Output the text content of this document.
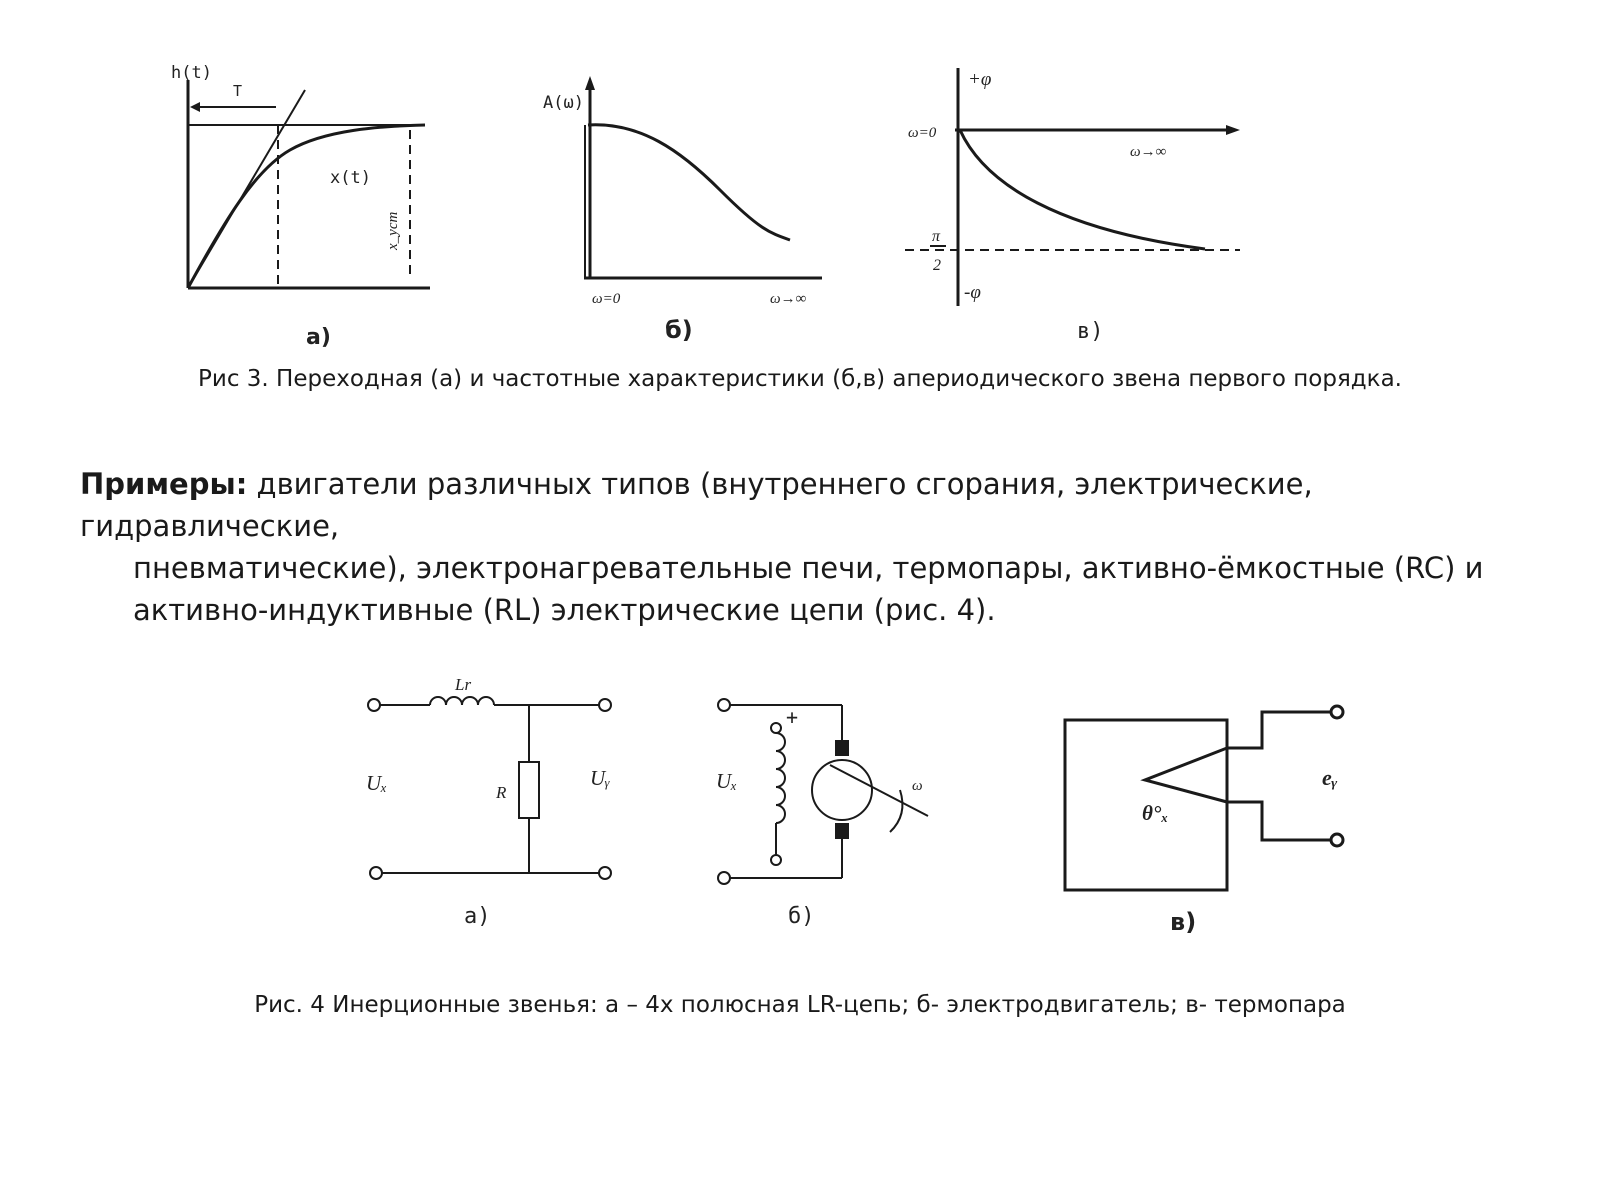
h(t)
T
x(t)
x_уст
а)
A(ω)
ω=0	ω→∞
б)
+φ
ω=0
ω→∞
π
2
-φ
в)
Рис 3. Переходная (а) и частотные характеристики (б,в) апериодического звена первого порядка.
Примеры: двигатели различных типов (внутреннего сгорания, электрические, гидравлические,
пневматические), электронагревательные печи, термопары, активно-ёмкостные (RC) и
активно-индуктивные (RL) электрические цепи (рис. 4).
Lr
R
Uₓ	Uᵧ
а)
+
Uₓ	ω
б)
θ°ₓ
eᵧ
в)
Рис. 4 Инерционные звенья: а – 4х полюсная LR-цепь; б- электродвигатель; в- термопара
